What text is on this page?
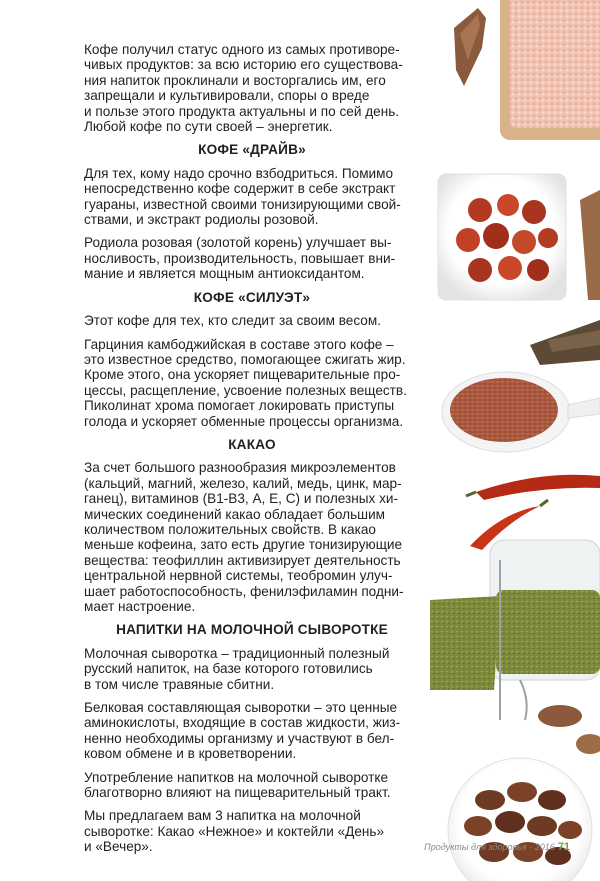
Кофе получил статус одного из самых противоре-
чивых продуктов: за всю историю его существова-
ния напиток проклинали и восторгались им, его
запрещали и культивировали, споры о вреде
и пользе этого продукта актуальны и по сей день.
Любой кофе по сути своей – энергетик.

КОФЕ «ДРАЙВ»

Для тех, кому надо срочно взбодриться. Помимо
непосредственно кофе содержит в себе экстракт
гуараны, известной своими тонизирующими свой-
ствами, и экстракт родиолы розовой.

Родиола розовая (золотой корень) улучшает вы-
носливость, производительность, повышает вни-
мание и является мощным антиоксидантом.

КОФЕ «СИЛУЭТ»

Этот кофе для тех, кто следит за своим весом.

Гарциния камбоджийская в составе этого кофе –
это известное средство, помогающее сжигать жир.
Кроме этого, она ускоряет пищеварительные про-
цессы, расщепление, усвоение полезных веществ.
Пиколинат хрома помогает локировать приступы
голода и ускоряет обменные процессы организма.

КАКАО

За счет большого разнообразия микроэлементов
(кальций, магний, железо, калий, медь, цинк, мар-
ганец), витаминов (В1-В3, А, Е, С) и полезных хи-
мических соединений какао обладает большим
количеством положительных свойств. В какао
меньше кофеина, зато есть другие тонизирующие
вещества: теофиллин активизирует деятельность
центральной нервной системы, теобромин улуч-
шает работоспособность, фенилэфиламин подни-
мает настроение.

НАПИТКИ НА МОЛОЧНОЙ СЫВОРОТКЕ

Молочная сыворотка – традиционный полезный
русский напиток, на базе которого готовились
в том числе травяные сбитни.

Белковая составляющая сыворотки – это ценные
аминокислоты, входящие в состав жидкости, жиз-
ненно необходимы организму и участвуют в бел-
ковом обмене и в кроветворении.

Употребление напитков на молочной сыворотке
благотворно влияют на пищеварительный тракт.

Мы предлагаем вам 3 напитка на молочной
сыворотке: Какао «Нежное» и коктейли «День»
и «Вечер».	Продукты для здоровья · 2016 71
